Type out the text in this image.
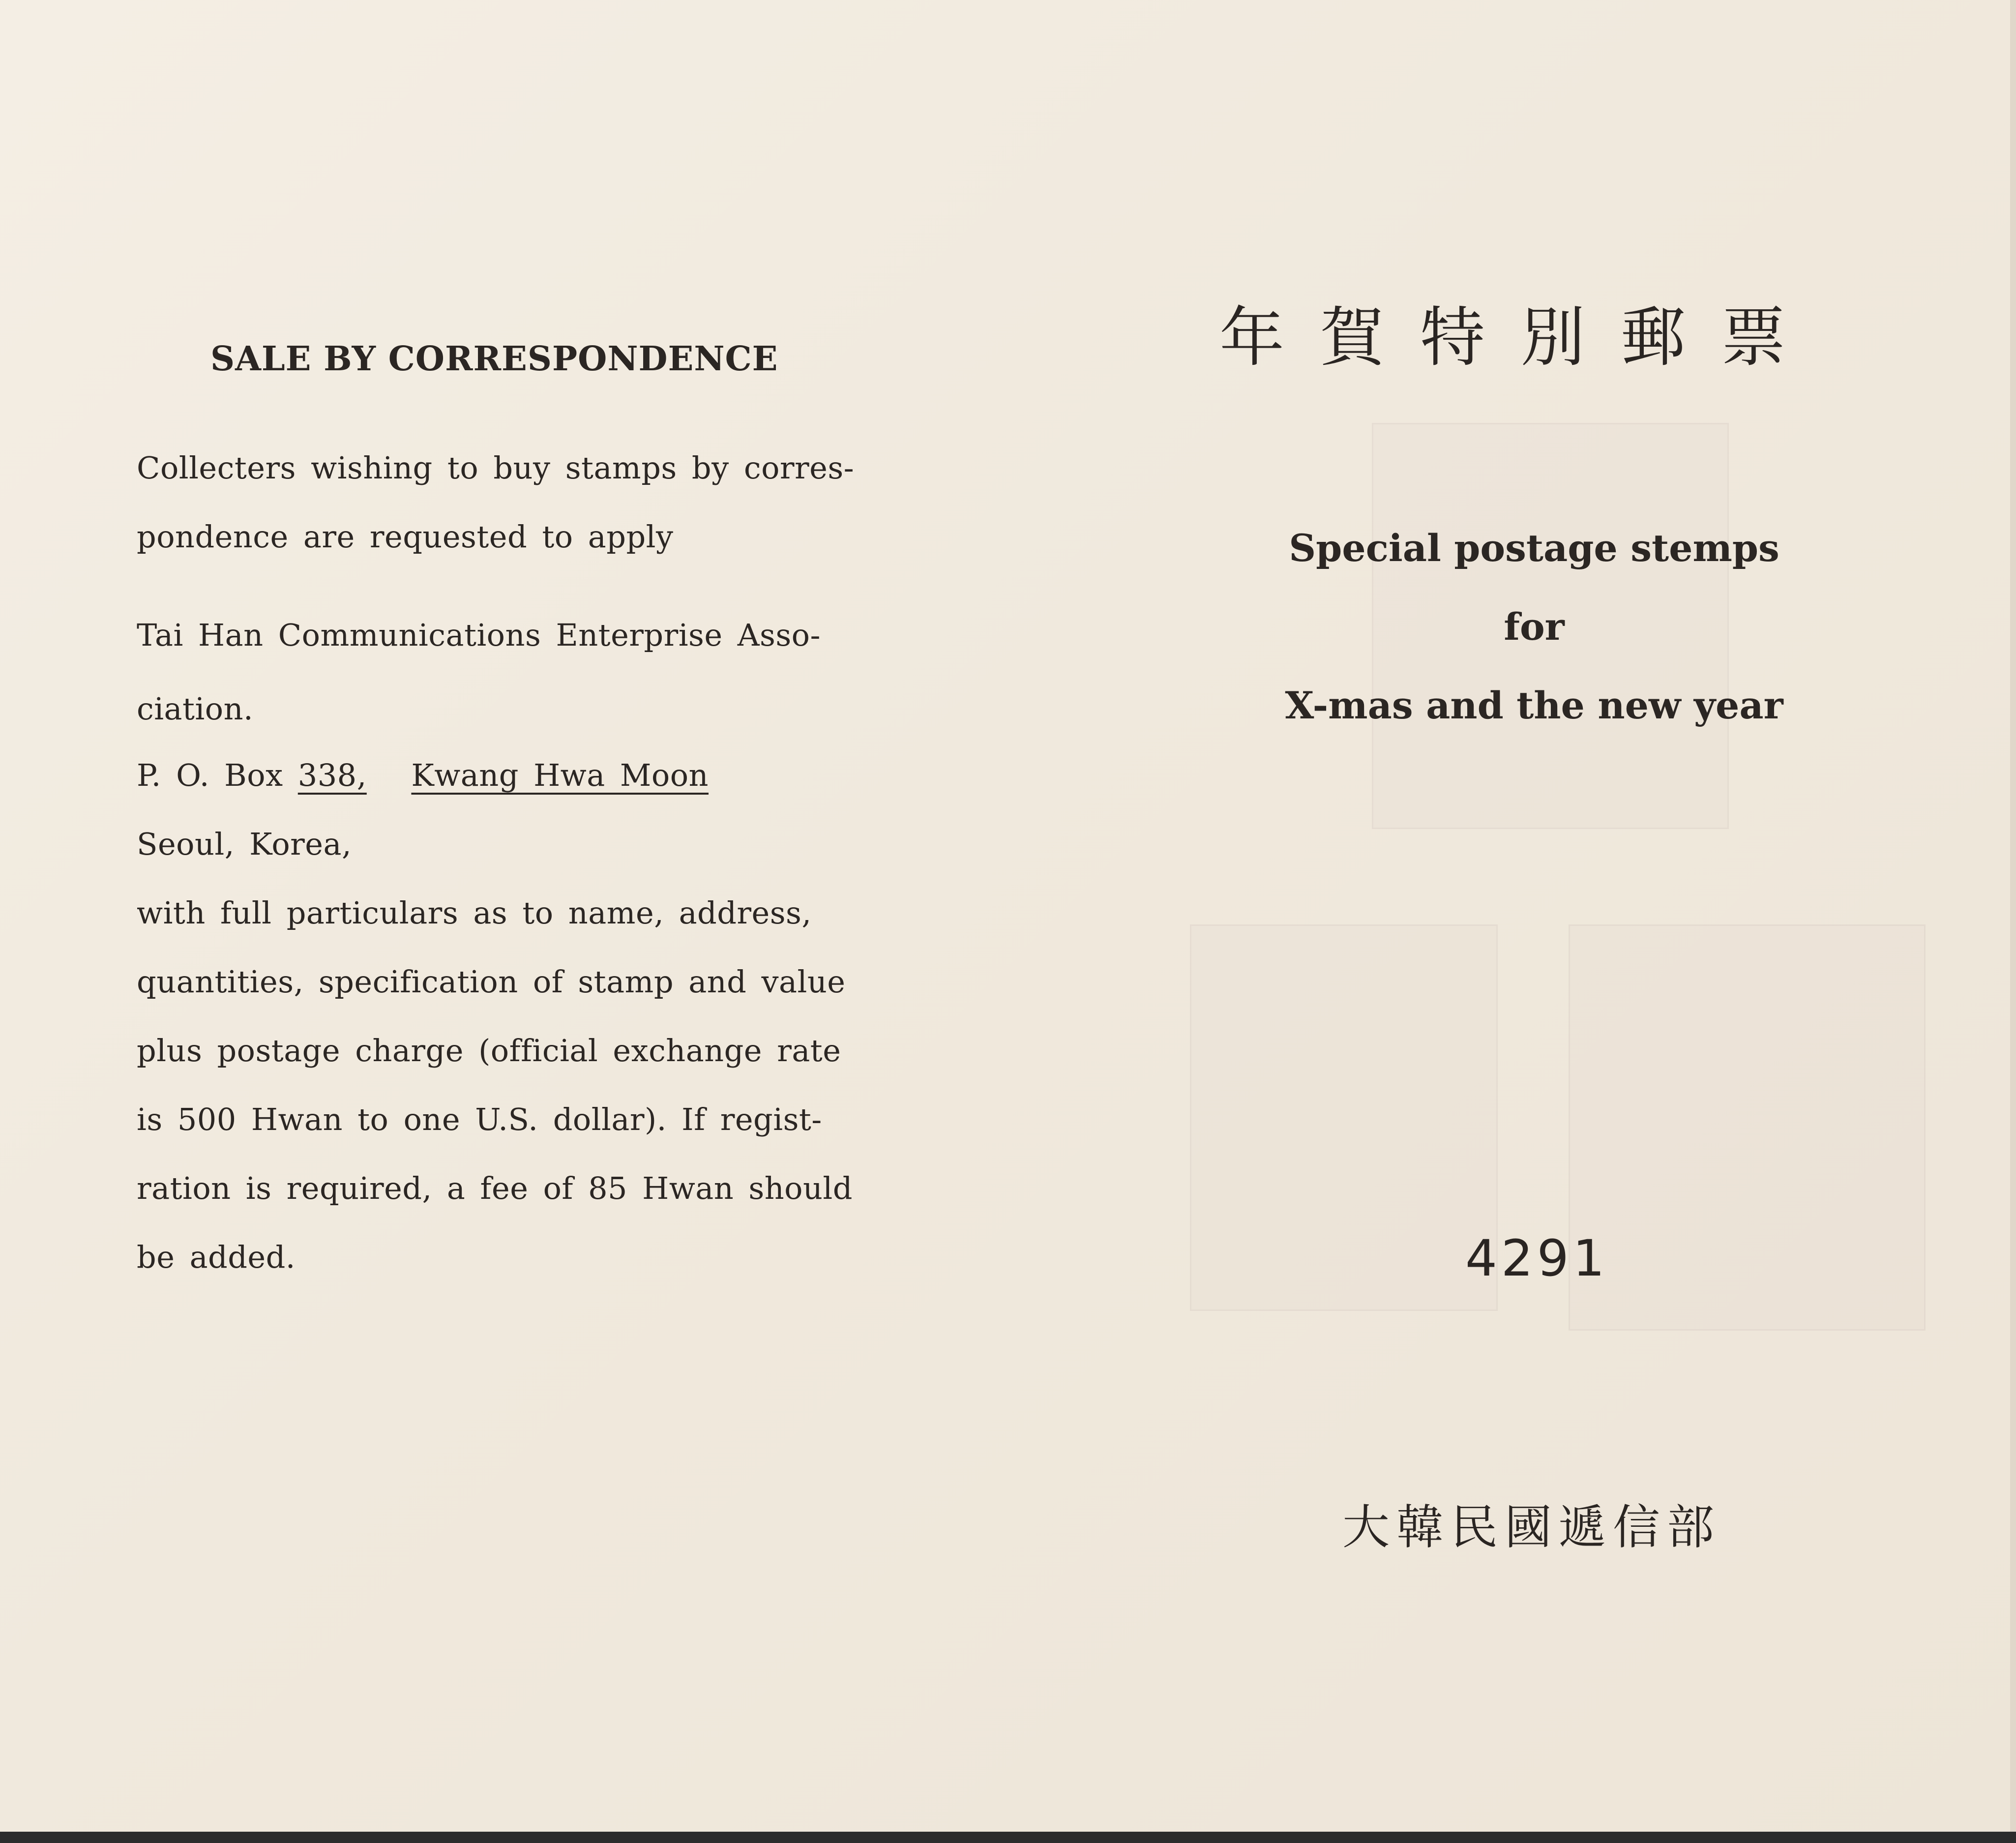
SALE BY CORRESPONDENCE
Collecters wishing to buy stamps by corres-
pondence are requested to apply
Tai Han Communications Enterprise Asso-
ciation.
P. O. Box 338, Kwang Hwa Moon
Seoul, Korea,
with full particulars as to name, address,
quantities, specification of stamp and value
plus postage charge (official exchange rate
is 500 Hwan to one U.S. dollar). If regist-
ration is required, a fee of 85 Hwan should
be added.
年賀特別郵票
Special postage stemps
for
X-mas and the new year
4291
大韓民國遞信部
